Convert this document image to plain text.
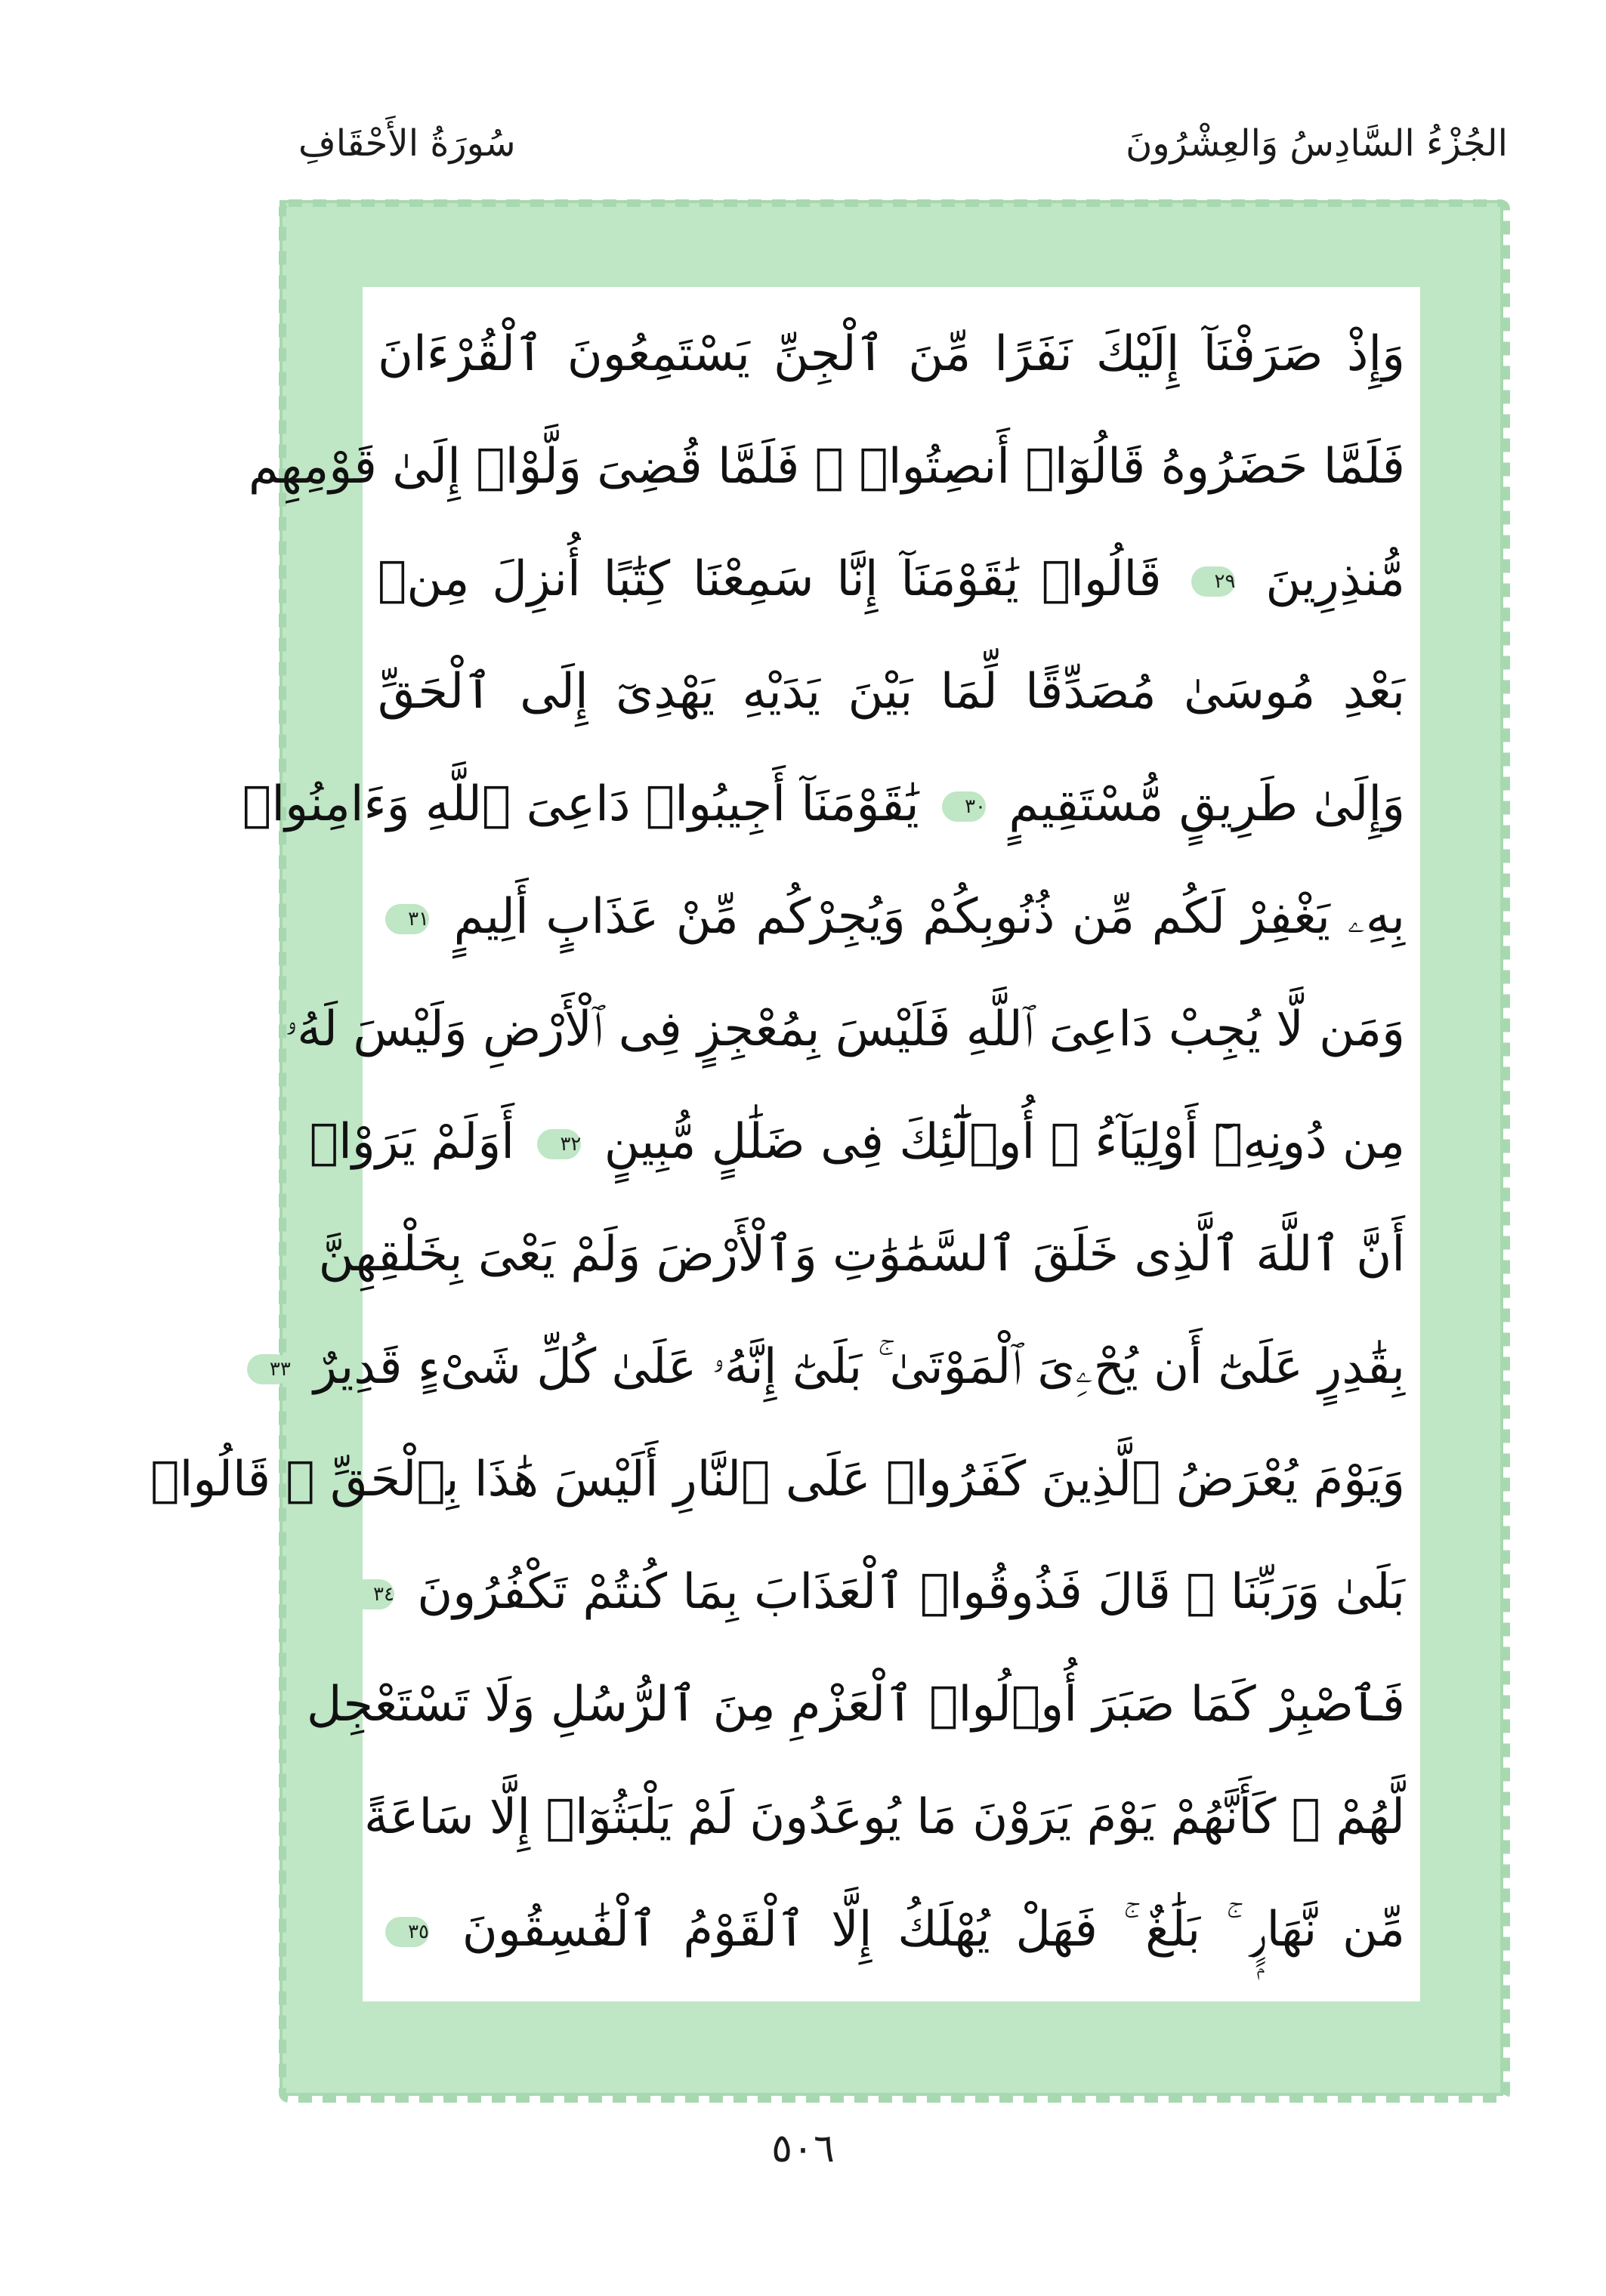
سُورَةُ الأَحْقَافِ	الجُزْءُ السَّادِسُ وَالعِشْرُونَ
وَإِذْ صَرَفْنَآ إِلَيْكَ نَفَرًا مِّنَ ٱلْجِنِّ يَسْتَمِعُونَ ٱلْقُرْءَانَ
فَلَمَّا حَضَرُوهُ قَالُوٓا۟ أَنصِتُوا۟ ۖ فَلَمَّا قُضِىَ وَلَّوْا۟ إِلَىٰ قَوْمِهِم
مُّنذِرِينَ ٢٩ قَالُوا۟ يَٰقَوْمَنَآ إِنَّا سَمِعْنَا كِتَٰبًا أُنزِلَ مِنۢ
بَعْدِ مُوسَىٰ مُصَدِّقًا لِّمَا بَيْنَ يَدَيْهِ يَهْدِىٓ إِلَى ٱلْحَقِّ
وَإِلَىٰ طَرِيقٍ مُّسْتَقِيمٍ ٣٠ يَٰقَوْمَنَآ أَجِيبُوا۟ دَاعِىَ ٱللَّهِ وَءَامِنُوا۟
بِهِۦ يَغْفِرْ لَكُم مِّن ذُنُوبِكُمْ وَيُجِرْكُم مِّنْ عَذَابٍ أَلِيمٍ ٣١
وَمَن لَّا يُجِبْ دَاعِىَ ٱللَّهِ فَلَيْسَ بِمُعْجِزٍ فِى ٱلْأَرْضِ وَلَيْسَ لَهُۥ
مِن دُونِهِۦٓ أَوْلِيَآءُ ۚ أُو۟لَٰٓئِكَ فِى ضَلَٰلٍ مُّبِينٍ ٣٢ أَوَلَمْ يَرَوْا۟
أَنَّ ٱللَّهَ ٱلَّذِى خَلَقَ ٱلسَّمَٰوَٰتِ وَٱلْأَرْضَ وَلَمْ يَعْىَ بِخَلْقِهِنَّ
بِقَٰدِرٍ عَلَىٰٓ أَن يُحْۦِىَ ٱلْمَوْتَىٰ ۚ بَلَىٰٓ إِنَّهُۥ عَلَىٰ كُلِّ شَىْءٍ قَدِيرٌ ٣٣
وَيَوْمَ يُعْرَضُ ٱلَّذِينَ كَفَرُوا۟ عَلَى ٱلنَّارِ أَلَيْسَ هَٰذَا بِٱلْحَقِّ ۖ قَالُوا۟
بَلَىٰ وَرَبِّنَا ۚ قَالَ فَذُوقُوا۟ ٱلْعَذَابَ بِمَا كُنتُمْ تَكْفُرُونَ ٣٤
فَٱصْبِرْ كَمَا صَبَرَ أُو۟لُوا۟ ٱلْعَزْمِ مِنَ ٱلرُّسُلِ وَلَا تَسْتَعْجِل
لَّهُمْ ۚ كَأَنَّهُمْ يَوْمَ يَرَوْنَ مَا يُوعَدُونَ لَمْ يَلْبَثُوٓا۟ إِلَّا سَاعَةً
مِّن نَّهَارٍۭ ۚ بَلَٰغٌ ۚ فَهَلْ يُهْلَكُ إِلَّا ٱلْقَوْمُ ٱلْفَٰسِقُونَ ٣٥
٥٠٦
